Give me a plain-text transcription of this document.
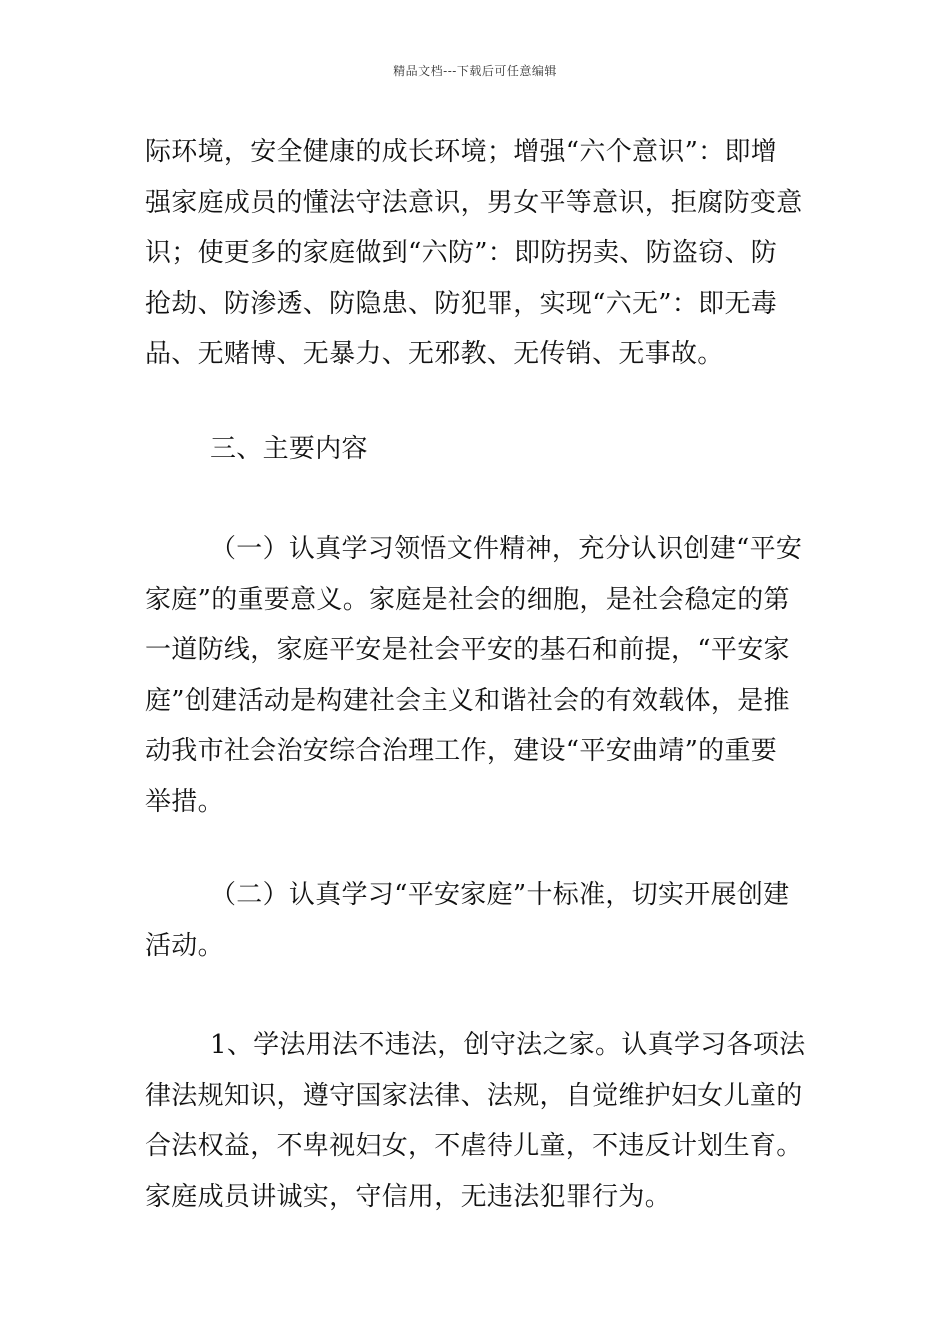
精品文档---下载后可任意编辑

际环境，安全健康的成长环境；增强“六个意识”：即增
强家庭成员的懂法守法意识，男女平等意识，拒腐防变意
识；使更多的家庭做到“六防”：即防拐卖、防盗窃、防
抢劫、防渗透、防隐患、防犯罪，实现“六无”：即无毒
品、无赌博、无暴力、无邪教、无传销、无事故。

三、主要内容

（一）认真学习领悟文件精神，充分认识创建“平安
家庭”的重要意义。家庭是社会的细胞，是社会稳定的第
一道防线，家庭平安是社会平安的基石和前提，“平安家
庭”创建活动是构建社会主义和谐社会的有效载体，是推
动我市社会治安综合治理工作，建设“平安曲靖”的重要
举措。

（二）认真学习“平安家庭”十标准，切实开展创建
活动。

1、学法用法不违法，创守法之家。认真学习各项法
律法规知识，遵守国家法律、法规，自觉维护妇女儿童的
合法权益，不卑视妇女，不虐待儿童，不违反计划生育。
家庭成员讲诚实，守信用，无违法犯罪行为。
